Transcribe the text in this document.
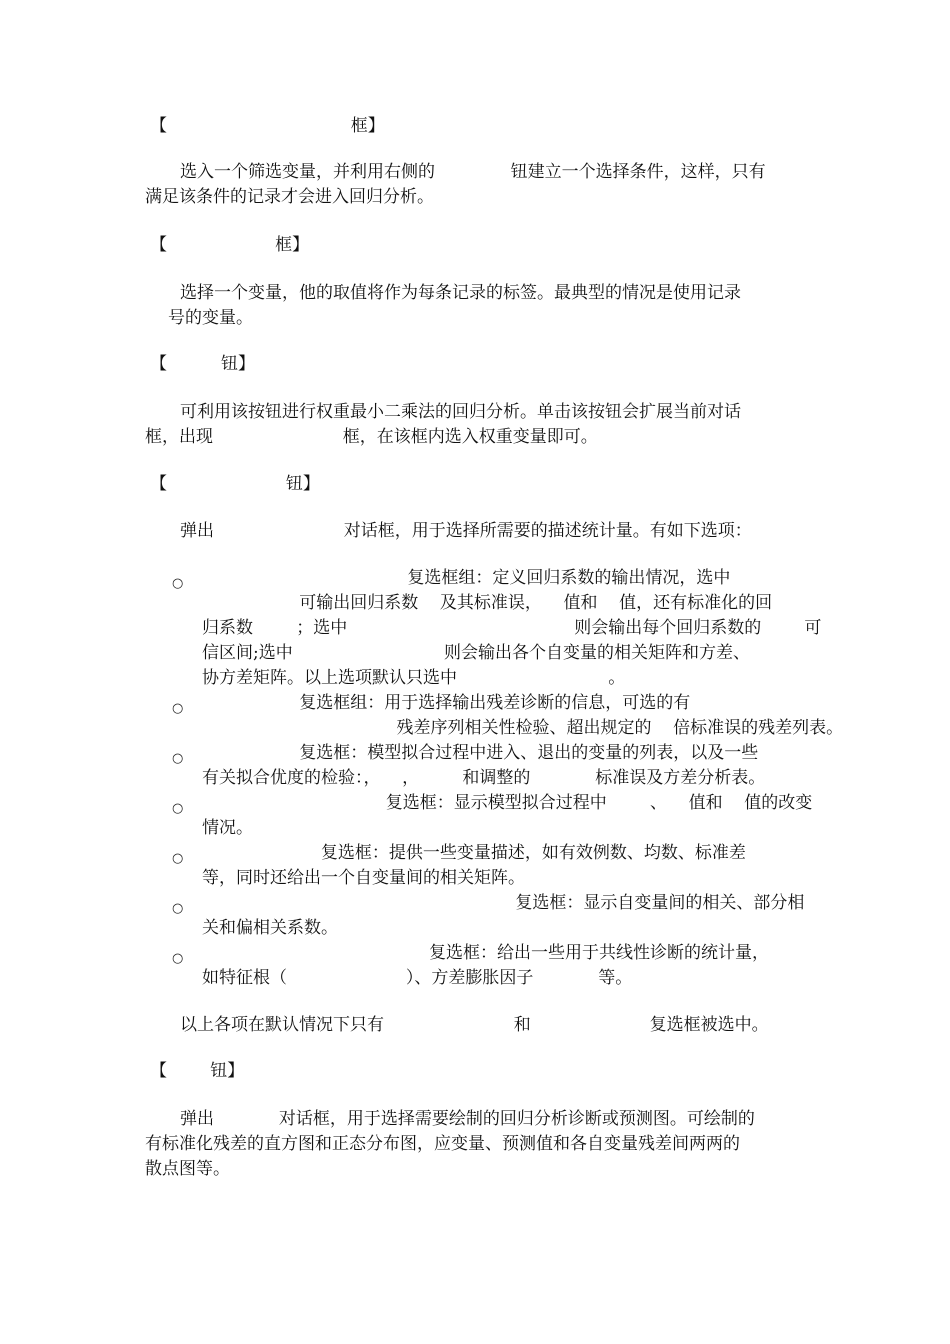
【                                  框】
选入一个筛选变量，并利用右侧的              钮建立一个选择条件，这样，只有
满足该条件的记录才会进入回归分析。
【                    框】
选择一个变量，他的取值将作为每条记录的标签。最典型的情况是使用记录
号的变量。
【          钮】
可利用该按钮进行权重最小二乘法的回归分析。单击该按钮会扩展当前对话
框，出现                        框，在该框内选入权重变量即可。
【                      钮】
弹出                        对话框，用于选择所需要的描述统计量。有如下选项：
○ 复选框组：定义回归系数的输出情况，选中
可输出回归系数    及其标准误，    值和    值，还有标准化的回
归系数        ；选中                                          则会输出每个回归系数的        可
信区间;选中                            则会输出各个自变量的相关矩阵和方差、
协方差矩阵。以上选项默认只选中                            。
○ 复选框组：用于选择输出残差诊断的信息，可选的有
残差序列相关性检验、超出规定的    倍标准误的残差列表。
○ 复选框：模型拟合过程中进入、退出的变量的列表，以及一些
有关拟合优度的检验：，    ，        和调整的            标准误及方差分析表。
○ 复选框：显示模型拟合过程中        、    值和    值的改变
情况。
○ 复选框：提供一些变量描述，如有效例数、均数、标准差
等，同时还给出一个自变量间的相关矩阵。
○ 复选框：显示自变量间的相关、部分相
关和偏相关系数。
○ 复选框：给出一些用于共线性诊断的统计量，
如特征根（                      ）、方差膨胀因子            等。
以上各项在默认情况下只有                        和                      复选框被选中。
【        钮】
弹出            对话框，用于选择需要绘制的回归分析诊断或预测图。可绘制的
有标准化残差的直方图和正态分布图，应变量、预测值和各自变量残差间两两的
散点图等。
